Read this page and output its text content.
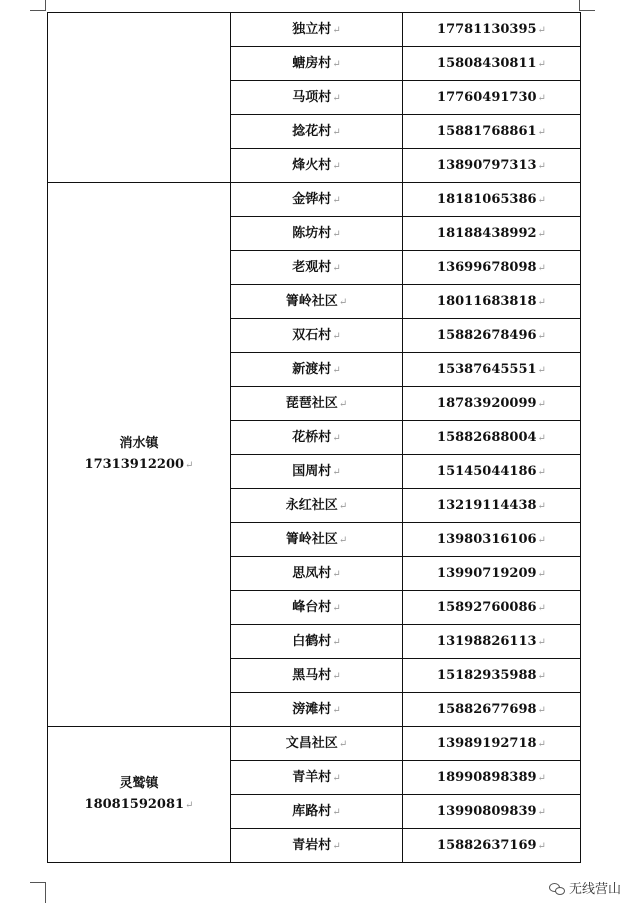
	独立村↵	17781130395↵
	螗房村↵	15808430811↵
	马项村↵	17760491730↵
	捻花村↵	15881768861↵
	烽火村↵	13890797313↵

消水镇
17313912200↵	金铧村↵	18181065386↵
	陈坊村↵	18188438992↵
	老观村↵	13699678098↵
	箐岭社区↵	18011683818↵
	双石村↵	15882678496↵
	新渡村↵	15387645551↵
	琵琶社区↵	18783920099↵
	花桥村↵	15882688004↵
	国周村↵	15145044186↵
	永红社区↵	13219114438↵
	箐岭社区↵	13980316106↵
	思凤村↵	13990719209↵
	峰台村↵	15892760086↵
	白鹤村↵	13198826113↵
	黑马村↵	15182935988↵
	滂滩村↵	15882677698↵

灵鹫镇
18081592081↵	文昌社区↵	13989192718↵
	青羊村↵	18990898389↵
	库路村↵	13990809839↵
	青岩村↵	15882637169↵
无线营山
